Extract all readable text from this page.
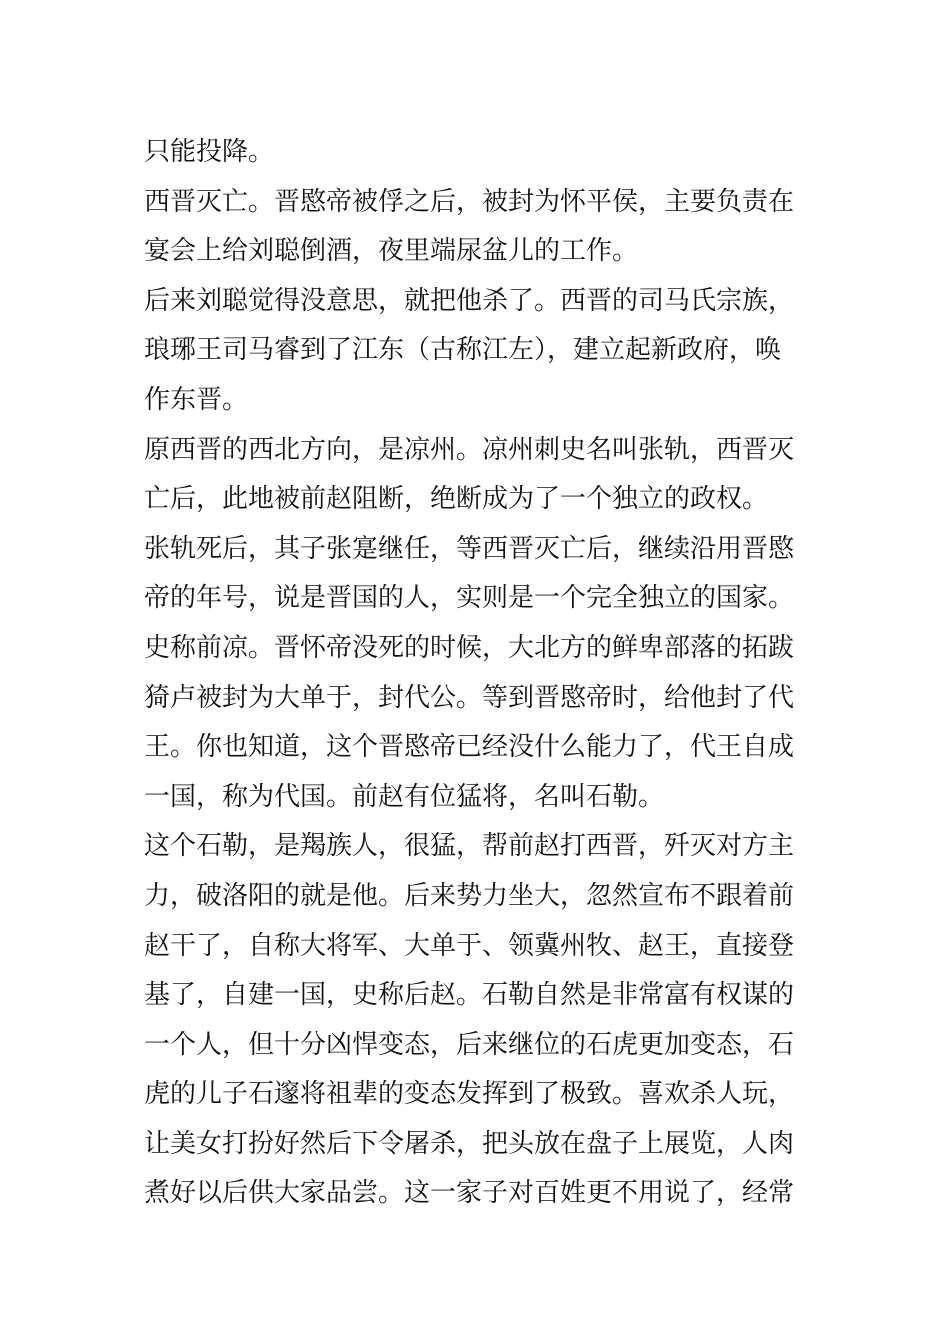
只能投降。

西晋灭亡。晋愍帝被俘之后，被封为怀平侯，主要负责在
宴会上给刘聪倒酒，夜里端尿盆儿的工作。

后来刘聪觉得没意思，就把他杀了。西晋的司马氏宗族，
琅琊王司马睿到了江东（古称江左），建立起新政府，唤
作东晋。

原西晋的西北方向，是凉州。凉州刺史名叫张轨，西晋灭
亡后，此地被前赵阻断，绝断成为了一个独立的政权。

张轨死后，其子张寔继任，等西晋灭亡后，继续沿用晋愍
帝的年号，说是晋国的人，实则是一个完全独立的国家。

史称前凉。晋怀帝没死的时候，大北方的鲜卑部落的拓跋
猗卢被封为大单于，封代公。等到晋愍帝时，给他封了代
王。你也知道，这个晋愍帝已经没什么能力了，代王自成
一国，称为代国。前赵有位猛将，名叫石勒。

这个石勒，是羯族人，很猛，帮前赵打西晋，歼灭对方主
力，破洛阳的就是他。后来势力坐大，忽然宣布不跟着前
赵干了，自称大将军、大单于、领冀州牧、赵王，直接登
基了，自建一国，史称后赵。石勒自然是非常富有权谋的
一个人，但十分凶悍变态，后来继位的石虎更加变态，石
虎的儿子石邃将祖辈的变态发挥到了极致。喜欢杀人玩，
让美女打扮好然后下令屠杀，把头放在盘子上展览，人肉
煮好以后供大家品尝。这一家子对百姓更不用说了，经常
